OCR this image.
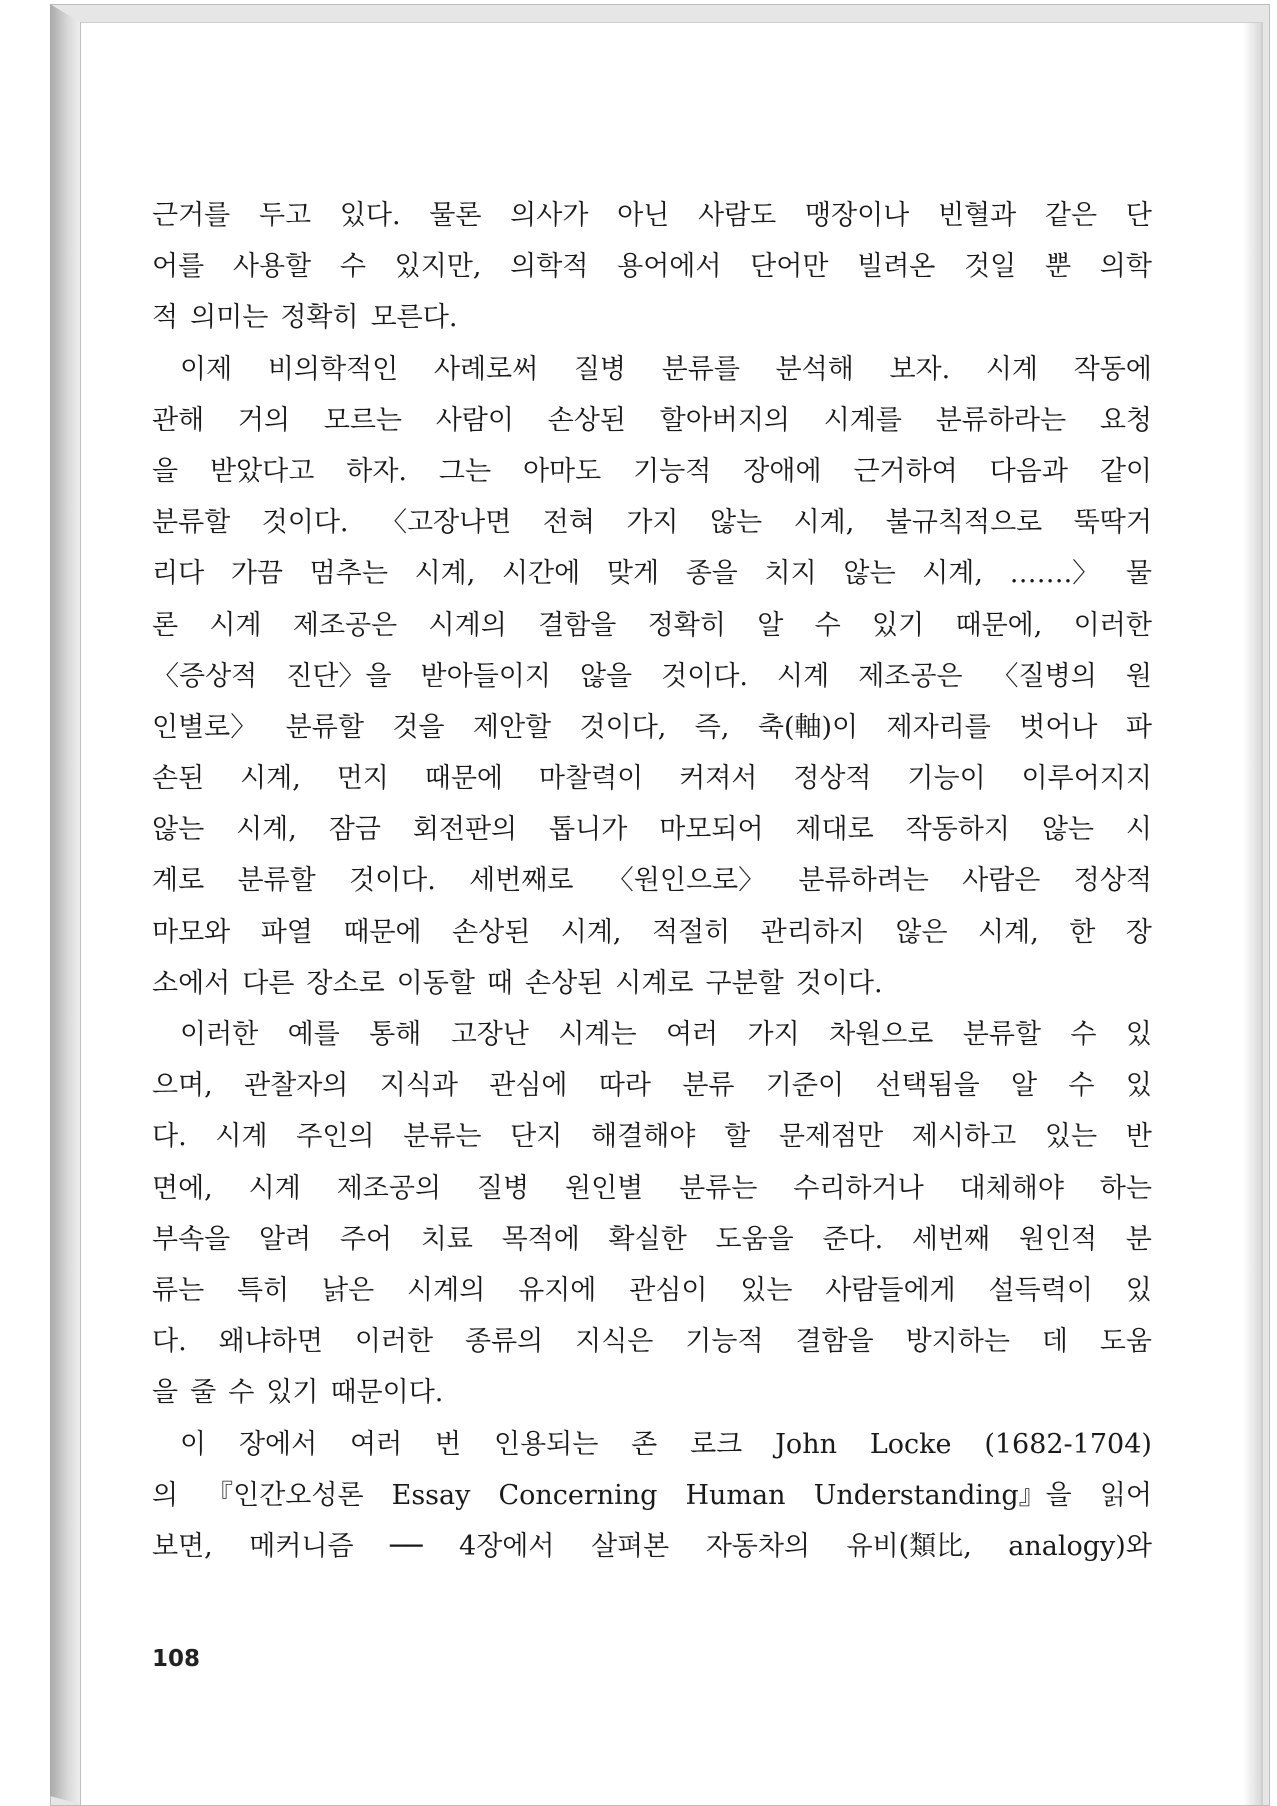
근거를 두고 있다. 물론 의사가 아닌 사람도 맹장이나 빈혈과 같은 단
어를 사용할 수 있지만, 의학적 용어에서 단어만 빌려온 것일 뿐 의학
적 의미는 정확히 모른다.
이제 비의학적인 사례로써 질병 분류를 분석해 보자. 시계 작동에
관해 거의 모르는 사람이 손상된 할아버지의 시계를 분류하라는 요청
을 받았다고 하자. 그는 아마도 기능적 장애에 근거하여 다음과 같이
분류할 것이다. 〈고장나면 전혀 가지 않는 시계, 불규칙적으로 뚝딱거
리다 가끔 멈추는 시계, 시간에 맞게 종을 치지 않는 시계, …….〉 물
론 시계 제조공은 시계의 결함을 정확히 알 수 있기 때문에, 이러한
〈증상적 진단〉을 받아들이지 않을 것이다. 시계 제조공은 〈질병의 원
인별로〉 분류할 것을 제안할 것이다, 즉, 축(軸)이 제자리를 벗어나 파
손된 시계, 먼지 때문에 마찰력이 커져서 정상적 기능이 이루어지지
않는 시계, 잠금 회전판의 톱니가 마모되어 제대로 작동하지 않는 시
계로 분류할 것이다. 세번째로 〈원인으로〉 분류하려는 사람은 정상적
마모와 파열 때문에 손상된 시계, 적절히 관리하지 않은 시계, 한 장
소에서 다른 장소로 이동할 때 손상된 시계로 구분할 것이다.
이러한 예를 통해 고장난 시계는 여러 가지 차원으로 분류할 수 있
으며, 관찰자의 지식과 관심에 따라 분류 기준이 선택됨을 알 수 있
다. 시계 주인의 분류는 단지 해결해야 할 문제점만 제시하고 있는 반
면에, 시계 제조공의 질병 원인별 분류는 수리하거나 대체해야 하는
부속을 알려 주어 치료 목적에 확실한 도움을 준다. 세번째 원인적 분
류는 특히 낡은 시계의 유지에 관심이 있는 사람들에게 설득력이 있
다. 왜냐하면 이러한 종류의 지식은 기능적 결함을 방지하는 데 도움
을 줄 수 있기 때문이다.
이 장에서 여러 번 인용되는 존 로크 John Locke (1682-1704)
의 『인간오성론 Essay Concerning Human Understanding』을 읽어
보면, 메커니즘 ── 4장에서 살펴본 자동차의 유비(類比, analogy)와
108
